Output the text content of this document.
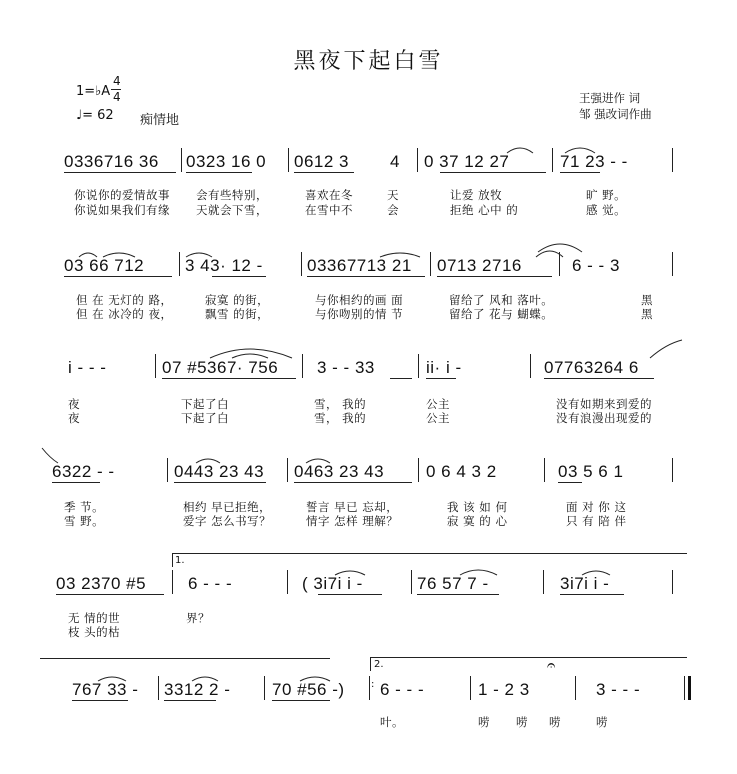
黑夜下起白雪
1=♭A
4
4
♩= 62 痴情地
王强进作 词
邹 强改词作曲
0336716 36 0323 16 0 0612 3 4 0 37 12 27	71 23 - -
你说你的爱情故事 会有些特别，	喜欢在冬	天	让爱 放牧	旷 野。
你说如果我们有缘 天就会下雪，	在雪中不	会	拒绝 心中 的	感 觉。
03 66 712 3 43· 12 -	03367713 21 0713 2716	6 - - 3
但 在 无灯的 路，	寂寞 的街，	与你相约的画 面	留给了 风和 落叶。	黑
但 在 冰冷的 夜，	飘雪 的街，	与你吻别的情 节	留给了 花与 蝴蝶。	黑
i - - -	07 #5367· 756 3 - - 33	ii· i -	07763264 6
夜	下起了白	雪， 我的	公主	没有如期来到爱的
夜	下起了白	雪， 我的	公主	没有浪漫出现爱的
6322 - -	0443 23 43 0463 23 43 0 6 4 3 2	03 5 6 1
季 节。	相约 早已拒绝，	誓言 早已 忘却，	我 该 如 何	面 对 你 这
雪 野。	爱字 怎么书写？	情字 怎样 理解？	寂 寞 的 心	只 有 陪 伴
1.
03 2370 #5 6 - - -	( 3i7i i -	76 57 7 -	3i7i i -
无 情的世	界？
枝 头的枯
2.	𝄐
767 33 - 3312 2 - 70 #56 -)	: 6 - - -	1 - 2 3	3 - - -
叶。	唠 唠 唠	唠
